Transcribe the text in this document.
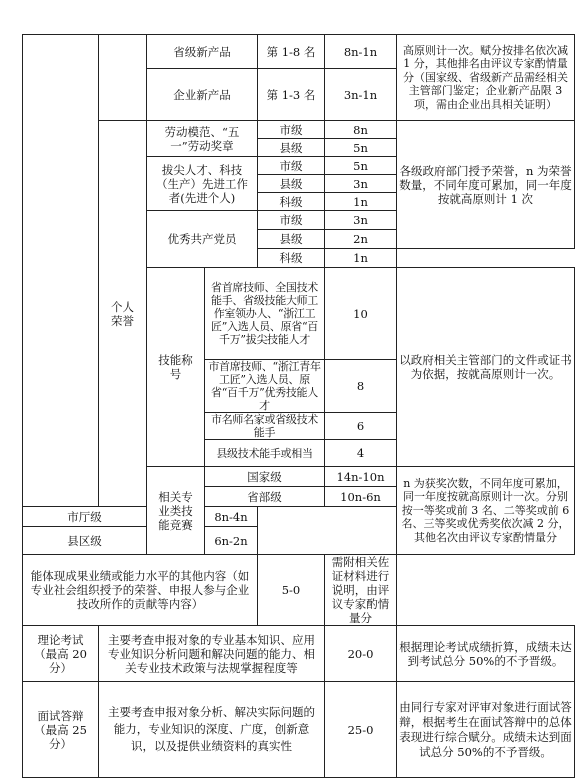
		省级新产品		第 1-8 名	8n-1n	高原则计一次。赋分按排名依次减 1 分，其他排名由评议专家酌情量分（国家级、省级新产品需经相关主管部门鉴定；企业新产品限 3 项，需由企业出具相关证明）
		企业新产品		第 1-3 名	3n-1n	
	个人荣誉	劳动模范、“五一”劳动奖章		市级	8n	各级政府部门授予荣誉，n 为荣誉数量，不同年度可累加，同一年度按就高原则计 1 次
				县级	5n	
		拔尖人才、科技（生产）先进工作者(先进个人)		市级	5n	
				县级	3n	
				科级	1n	
		优秀共产党员		市级	3n	
				县级	2n	
				科级	1n	
		技能称号	省首席技师、全国技术能手、省级技能大师工作室领办人、“浙江工匠”入选人员、原省“百千万”拔尖技能人才		10	以政府相关主管部门的文件或证书为依据，按就高原则计一次。
			市首席技师、“浙江青年工匠”入选人员、原省“百千万”优秀技能人才		8	
			市名师名家或省级技术能手		6	
			县级技术能手或相当		4	
		相关专业类技能竞赛	国家级		14n-10n	n 为获奖次数，不同年度可累加，同一年度按就高原则计一次。分别按一等奖或前 3 名、二等奖或前 6 名、三等奖或优秀奖依次减 2 分，其他名次由评议专家酌情量分
			省部级		10n-6n	
市厅级			8n-4n			
县区级			6n-2n			
能体现成果业绩或能力水平的其他内容（如专业社会组织授予的荣誉、申报人参与企业技改所作的贡献等内容）				5-0	需附相关佐证材料进行说明，由评议专家酌情量分	
理论考试（最高 20 分）	主要考查申报对象的专业基本知识、应用专业知识分析问题和解决问题的能力、相关专业技术政策与法规掌握程度等				20-0	根据理论考试成绩折算，成绩未达到考试总分 50%的不予晋级。
面试答辩（最高 25 分）	主要考查申报对象分析、解决实际问题的能力，专业知识的深度、广度，创新意识，以及提供业绩资料的真实性				25-0	由同行专家对评审对象进行面试答辩，根据考生在面试答辩中的总体表现进行综合赋分。成绩未达到面试总分 50%的不予晋级。
